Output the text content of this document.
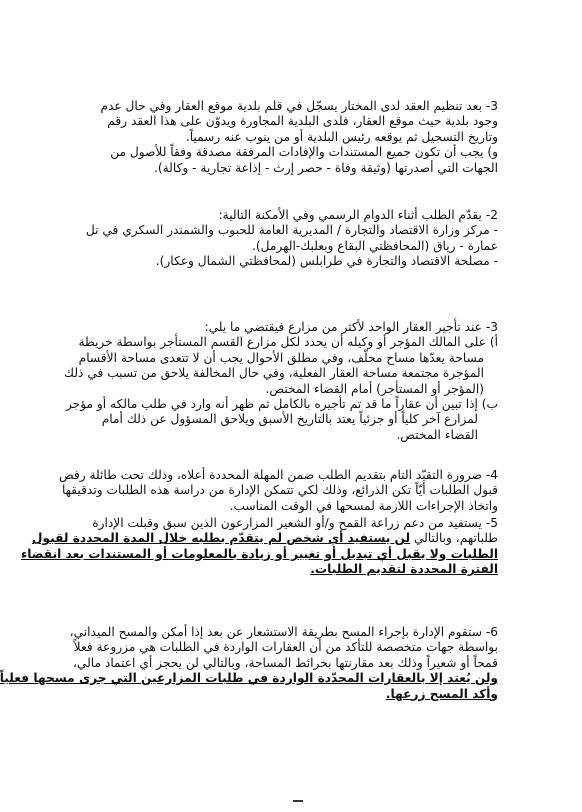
3- بعد تنظيم العقد لدى المختار يسجّل في قلم بلدية موقع العقار وفي حال عدم
وجود بلدية حيث موقع العقار، فلدى البلدية المجاورة ويدوّن على هذا العقد رقم
وتاريخ التسجيل ثم يوقعه رئيس البلدية أو من ينوب عنه رسمياً.
و) يجب أن تكون جميع المستندات والإفادات المرفقة مصدقة وفقاً للأصول من
الجهات التي أصدرتها (وثيقة وفاة - حصر إرث - إذاعة تجارية - وكالة).
2- يقدّم الطلب أثناء الدوام الرسمي وفي الأمكنة التالية:
- مركز وزارة الاقتصاد والتجارة / المديرية العامة للحبوب والشمندر السكري في تل
عمارة - رياق (المحافظتي البقاع وبعلبك-الهرمل).
- مصلحة الاقتصاد والتجارة في طرابلس (لمحافظتي الشمال وعكار).
3- عند تأجير العقار الواحد لأكثر من مزارع فيقتضي ما يلي:
أ) على المالك المؤجر أو وكيله أن يحدد لكل مزارع القسم المستأجر بواسطة خريطة
مساحة يعدّها مساح محلّف، وفي مطلق الأحوال يجب أن لا تتعدى مساحة الأقسام
المؤجرة مجتمعة مساحة العقار الفعلية، وفي حال المخالفة يلاحق من تسبب في ذلك
(المؤجر أو المستأجر) أمام القضاء المختص.
ب) إذا تبين أن عقاراً ما قد تم تأجيره بالكامل ثم ظهر أنه وارد في طلب مالكه أو مؤجر
لمزارع آخر كلياً أو جزئياً يعتد بالتاريخ الأسبق ويلاحق المسؤول عن ذلك أمام
القضاء المختص.
4- ضرورة التقيّد التام بتقديم الطلب ضمن المهلة المحددة أعلاه، وذلك تحت طائلة رفض
قبول الطلبات أيّاً تكن الذرائع، وذلك لكي تتمكن الإدارة من دراسة هذه الطلبات وتدقيقها
واتخاذ الإجراءات اللازمة لمسحها في الوقت المناسب.
5- يستفيد من دعم زراعة القمح و/أو الشعير المزارعون الذين سبق وقبلت الإدارة
طلباتهم، وبالتالي لن يستفيد أي شخص لم يتقدّم بطلبه خلال المدة المحددة لقبول
الطلبات ولا يقبل أي تبديل أو تغيير أو زيادة بالمعلومات أو المستندات بعد انقضاء
الفترة المحددة لتقديم الطلبات.
6- ستقوم الإدارة بإجراء المسح بطريقة الاستشعار عن بعد إذا أمكن والمسح الميداني،
بواسطة جهات متخصصة للتأكد من أن العقارات الواردة في الطلبات هي مزروعة فعلاً
قمحاً أو شعيراً وذلك بعد مقارنتها بخرائط المساحة، وبالتالي لن يحجز أي اعتماد مالي،
ولن يُعتد إلا بالعقارات المحدّدة الواردة في طلبات المزارعين التي جرى مسحها فعلياً
وأكد المسح زرعها.
